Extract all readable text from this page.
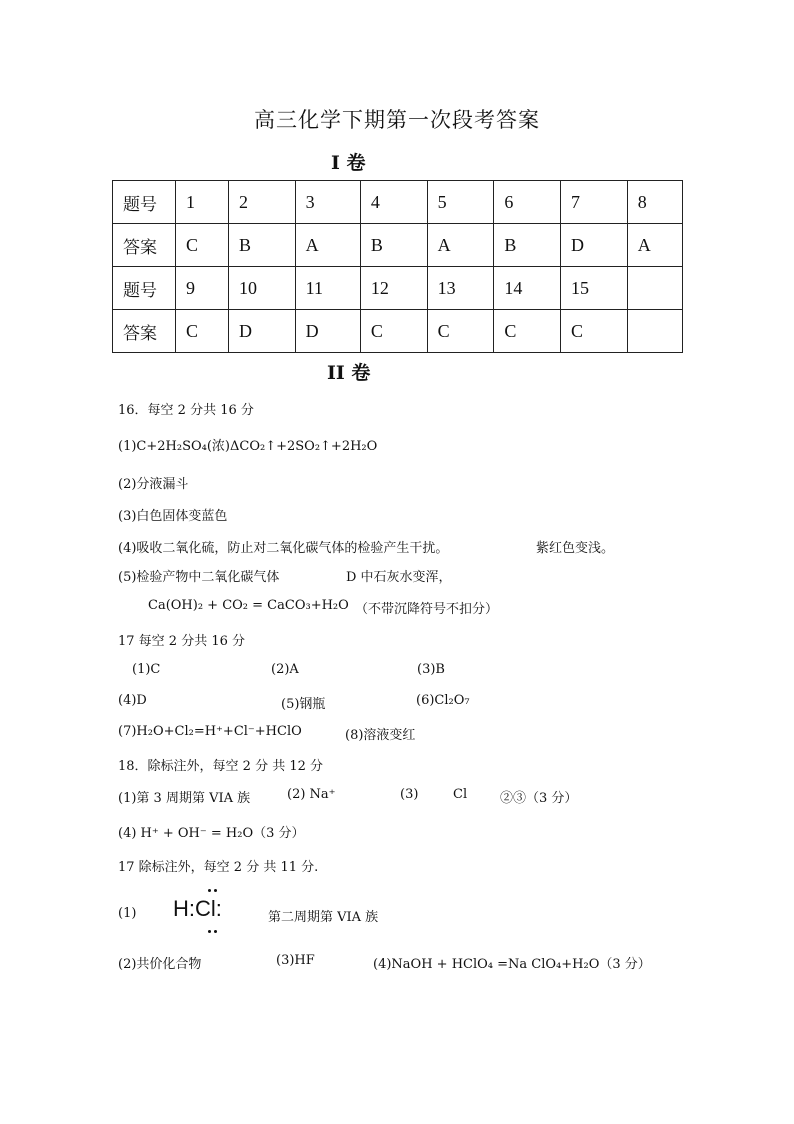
高三化学下期第一次段考答案
I 卷
题号	1	2	3	4	5	6	7	8
答案	C	B	A	B	A	B	D	A
题号	9	10	11	12	13	14	15	
答案	C	D	D	C	C	C	C	
II 卷
16．每空 2 分共 16 分
(1)C+2H₂SO₄(浓)ΔCO₂↑+2SO₂↑+2H₂O
(2)分液漏斗
(3)白色固体变蓝色
(4)吸收二氧化硫，防止对二氧化碳气体的检验产生干扰。	紫红色变浅。
(5)检验产物中二氧化碳气体	D 中石灰水变浑，
Ca(OH)₂ + CO₂ = CaCO₃+H₂O （不带沉降符号不扣分）
17 每空 2 分共 16 分
(1)C	(2)A	(3)B
(4)D	(5)钢瓶	(6)Cl₂O₇
(7)H₂O+Cl₂=H⁺+Cl⁻+HClO	(8)溶液变红
18．除标注外，每空 2 分 共 12 分
(1)第 3 周期第 VIA 族	(2) Na⁺	(3)	Cl	②③（3 分）
(4) H⁺ + OH⁻ = H₂O（3 分）
17 除标注外，每空 2 分 共 11 分.
(1) H:Cl:	第二周期第 VIA 族
(2)共价化合物	(3)HF	(4)NaOH + HClO₄ =Na ClO₄+H₂O（3 分）
